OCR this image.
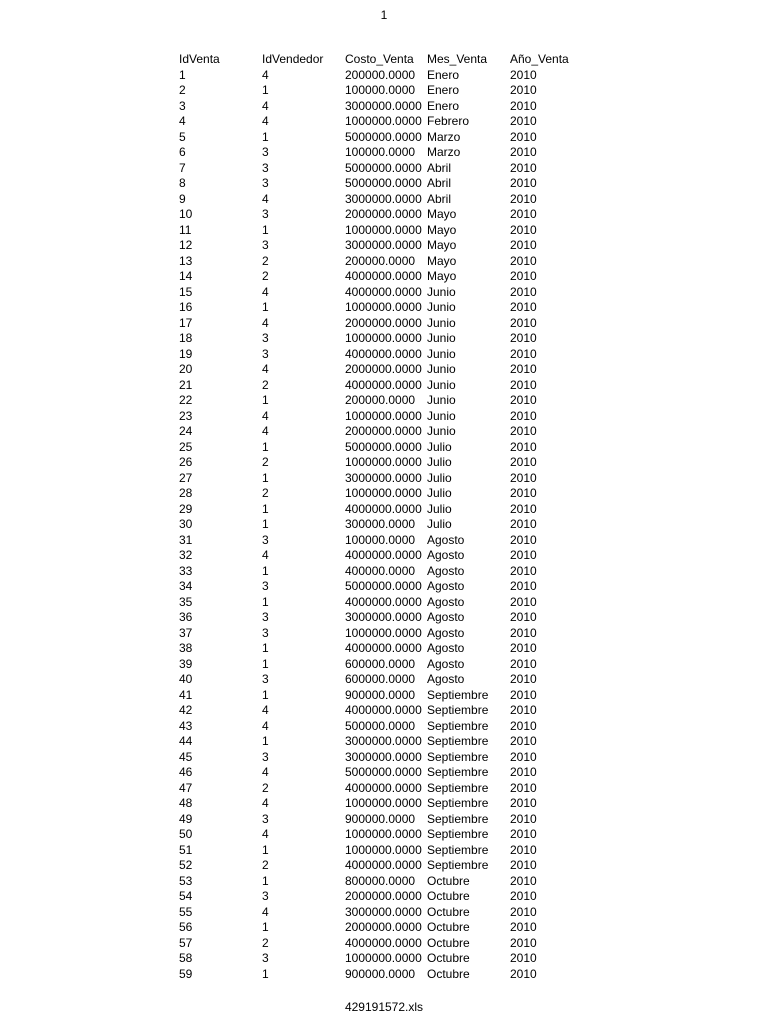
1
IdVenta	IdVendedor	Costo_Venta	Mes_Venta	Año_Venta
1	4	200000.0000	Enero	2010
2	1	100000.0000	Enero	2010
3	4	3000000.0000	Enero	2010
4	4	1000000.0000	Febrero	2010
5	1	5000000.0000	Marzo	2010
6	3	100000.0000	Marzo	2010
7	3	5000000.0000	Abril	2010
8	3	5000000.0000	Abril	2010
9	4	3000000.0000	Abril	2010
10	3	2000000.0000	Mayo	2010
11	1	1000000.0000	Mayo	2010
12	3	3000000.0000	Mayo	2010
13	2	200000.0000	Mayo	2010
14	2	4000000.0000	Mayo	2010
15	4	4000000.0000	Junio	2010
16	1	1000000.0000	Junio	2010
17	4	2000000.0000	Junio	2010
18	3	1000000.0000	Junio	2010
19	3	4000000.0000	Junio	2010
20	4	2000000.0000	Junio	2010
21	2	4000000.0000	Junio	2010
22	1	200000.0000	Junio	2010
23	4	1000000.0000	Junio	2010
24	4	2000000.0000	Junio	2010
25	1	5000000.0000	Julio	2010
26	2	1000000.0000	Julio	2010
27	1	3000000.0000	Julio	2010
28	2	1000000.0000	Julio	2010
29	1	4000000.0000	Julio	2010
30	1	300000.0000	Julio	2010
31	3	100000.0000	Agosto	2010
32	4	4000000.0000	Agosto	2010
33	1	400000.0000	Agosto	2010
34	3	5000000.0000	Agosto	2010
35	1	4000000.0000	Agosto	2010
36	3	3000000.0000	Agosto	2010
37	3	1000000.0000	Agosto	2010
38	1	4000000.0000	Agosto	2010
39	1	600000.0000	Agosto	2010
40	3	600000.0000	Agosto	2010
41	1	900000.0000	Septiembre	2010
42	4	4000000.0000	Septiembre	2010
43	4	500000.0000	Septiembre	2010
44	1	3000000.0000	Septiembre	2010
45	3	3000000.0000	Septiembre	2010
46	4	5000000.0000	Septiembre	2010
47	2	4000000.0000	Septiembre	2010
48	4	1000000.0000	Septiembre	2010
49	3	900000.0000	Septiembre	2010
50	4	1000000.0000	Septiembre	2010
51	1	1000000.0000	Septiembre	2010
52	2	4000000.0000	Septiembre	2010
53	1	800000.0000	Octubre	2010
54	3	2000000.0000	Octubre	2010
55	4	3000000.0000	Octubre	2010
56	1	2000000.0000	Octubre	2010
57	2	4000000.0000	Octubre	2010
58	3	1000000.0000	Octubre	2010
59	1	900000.0000	Octubre	2010
429191572.xls
